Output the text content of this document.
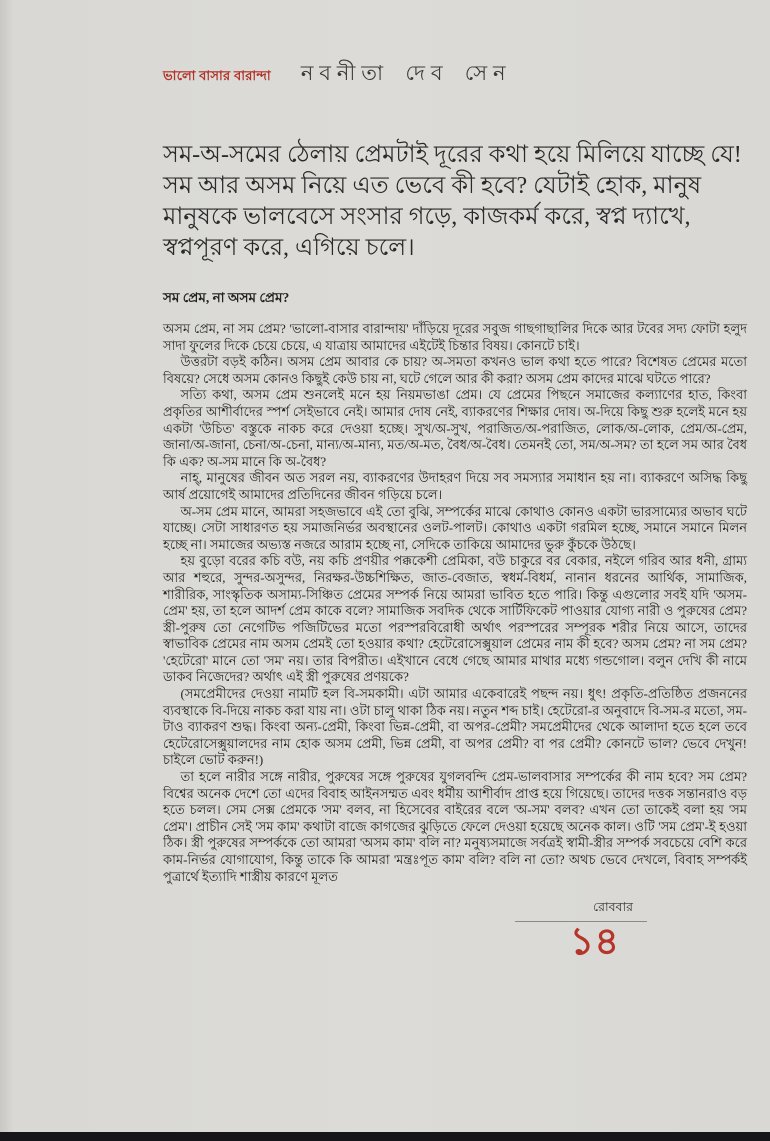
ভালো বাসার বারান্দা নবনীতা দেব সেন
সম-অ-সমের ঠেলায় প্রেমটাই দূরের কথা হয়ে মিলিয়ে যাচ্ছে যে! সম আর অসম নিয়ে এত ভেবে কী হবে? যেটাই হোক, মানুষ মানুষকে ভালবেসে সংসার গড়ে, কাজকর্ম করে, স্বপ্ন দ্যাখে, স্বপ্নপূরণ করে, এগিয়ে চলে।
সম প্রেম, না অসম প্রেম?

অসম প্রেম, না সম প্রেম? 'ভালো-বাসার বারান্দায়' দাঁড়িয়ে দূরের সবুজ গাছগাছালির দিকে আর টবের সদ্য ফোটা হলুদ সাদা ফুলের দিকে চেয়ে চেয়ে, এ যাত্রায় আমাদের এইটেই চিন্তার বিষয়। কোনটে চাই।

উত্তরটা বড়ই কঠিন। অসম প্রেম আবার কে চায়? অ-সমতা কখনও ভাল কথা হতে পারে? বিশেষত প্রেমের মতো বিষয়ে? সেধে অসম কোনও কিছুই কেউ চায় না, ঘটে গেলে আর কী করা? অসম প্রেম কাদের মাঝে ঘটতে পারে?

সত্যি কথা, অসম প্রেম শুনলেই মনে হয় নিয়মভাঙা প্রেম। যে প্রেমের পিছনে সমাজের কল্যাণের হাত, কিংবা প্রকৃতির আশীর্বাদের স্পর্শ সেইভাবে নেই। আমার দোষ নেই, ব্যাকরণের শিক্ষার দোষ। অ-দিয়ে কিছু শুরু হলেই মনে হয় একটা 'উচিত' বস্তুকে নাকচ করে দেওয়া হচ্ছে। সুখ/অ-সুখ, পরাজিত/অ-পরাজিত, লোক/অ-লোক, প্রেম/অ-প্রেম, জানা/অ-জানা, চেনা/অ-চেনা, মান্য/অ-মান্য, মত/অ-মত, বৈধ/অ-বৈধ। তেমনই তো, সম/অ-সম? তা হলে সম আর বৈধ কি এক? অ-সম মানে কি অ-বৈধ?

নাহ্, মানুষের জীবন অত সরল নয়, ব্যাকরণের উদাহরণ দিয়ে সব সমস্যার সমাধান হয় না। ব্যাকরণে অসিদ্ধ কিছু আর্ষ প্রয়োগেই আমাদের প্রতিদিনের জীবন গড়িয়ে চলে।

অ-সম প্রেম মানে, আমরা সহজভাবে এই তো বুঝি, সম্পর্কের মাঝে কোথাও কোনও একটা ভারসাম্যের অভাব ঘটে যাচ্ছে। সেটা সাধারণত হয় সমাজনির্ভর অবস্থানের ওলট-পালট। কোথাও একটা গরমিল হচ্ছে, সমানে সমানে মিলন হচ্ছে না। সমাজের অভ্যস্ত নজরে আরাম হচ্ছে না, সেদিকে তাকিয়ে আমাদের ভুরু কুঁচকে উঠছে।

হয় বুড়ো বরের কচি বউ, নয় কচি প্রণয়ীর পক্ককেশী প্রেমিকা, বউ চাকুরে বর বেকার, নইলে গরিব আর ধনী, গ্রাম্য আর শহুরে, সুন্দর-অসুন্দর, নিরক্ষর-উচ্চশিক্ষিত, জাত-বেজাত, স্বধর্ম-বিধর্ম, নানান ধরনের আর্থিক, সামাজিক, শারীরিক, সাংস্কৃতিক অসাম্য-সিঞ্চিত প্রেমের সম্পর্ক নিয়ে আমরা ভাবিত হতে পারি। কিন্তু এগুলোর সবই যদি 'অসম-প্রেম' হয়, তা হলে আদর্শ প্রেম কাকে বলে? সামাজিক সবদিক থেকে সার্টিফিকেট পাওয়ার যোগ্য নারী ও পুরুষের প্রেম? স্ত্রী-পুরুষ তো নেগেটিভ পজিটিভের মতো পরস্পরবিরোধী অর্থাৎ পরস্পরের সম্পূরক শরীর নিয়ে আসে, তাদের স্বাভাবিক প্রেমের নাম অসম প্রেমই তো হওয়ার কথা? হেটেরোসেক্সুয়াল প্রেমের নাম কী হবে? অসম প্রেম? না সম প্রেম? 'হেটেরো' মানে তো 'সম' নয়। তার বিপরীত। এইখানে বেধে গেছে আমার মাথার মধ্যে গন্ডগোল। বলুন দেখি কী নামে ডাকব নিজেদের? অর্থাৎ এই স্ত্রী পুরুষের প্রণয়কে?

(সমপ্রেমীদের দেওয়া নামটি হল বি-সমকামী। এটা আমার একেবারেই পছন্দ নয়। ধুৎ! প্রকৃতি-প্রতিষ্ঠিত প্রজননের ব্যবস্থাকে বি-দিয়ে নাকচ করা যায় না। ওটা চালু থাকা ঠিক নয়। নতুন শব্দ চাই। হেটেরো-র অনুবাদে বি-সম-র মতো, সম-টাও ব্যাকরণ শুদ্ধ। কিংবা অন্য-প্রেমী, কিংবা ভিন্ন-প্রেমী, বা অপর-প্রেমী? সমপ্রেমীদের থেকে আলাদা হতে হলে তবে হেটেরোসেক্সুয়ালদের নাম হোক অসম প্রেমী, ভিন্ন প্রেমী, বা অপর প্রেমী? বা পর প্রেমী? কোনটে ভাল? ভেবে দেখুন! চাইলে ভোট করুন!)

তা হলে নারীর সঙ্গে নারীর, পুরুষের সঙ্গে পুরুষের যুগলবন্দি প্রেম-ভালবাসার সম্পর্কের কী নাম হবে? সম প্রেম? বিশ্বের অনেক দেশে তো এদের বিবাহ আইনসম্মত এবং ধর্মীয় আশীর্বাদ প্রাপ্ত হয়ে গিয়েছে। তাদের দত্তক সন্তানরাও বড় হতে চলল। সেম সেক্স প্রেমকে 'সম' বলব, না হিসেবের বাইরের বলে 'অ-সম' বলব? এখন তো তাকেই বলা হয় 'সম প্রেম'। প্রাচীন সেই 'সম কাম' কথাটা বাজে কাগজের ঝুড়িতে ফেলে দেওয়া হয়েছে অনেক কাল। ওটি 'সম প্রেম'-ই হওয়া ঠিক। স্ত্রী পুরুষের সম্পর্ককে তো আমরা 'অসম কাম' বলি না? মনুষ্যসমাজে সর্বত্রই স্বামী-স্ত্রীর সম্পর্ক সবচেয়ে বেশি করে কাম-নির্ভর যোগাযোগ, কিন্তু তাকে কি আমরা 'মন্ত্রঃপূত কাম' বলি? বলি না তো? অথচ ভেবে দেখলে, বিবাহ সম্পর্কই পুত্রার্থে ইত্যাদি শাস্ত্রীয় কারণে মূলত

রোববার
১৪
